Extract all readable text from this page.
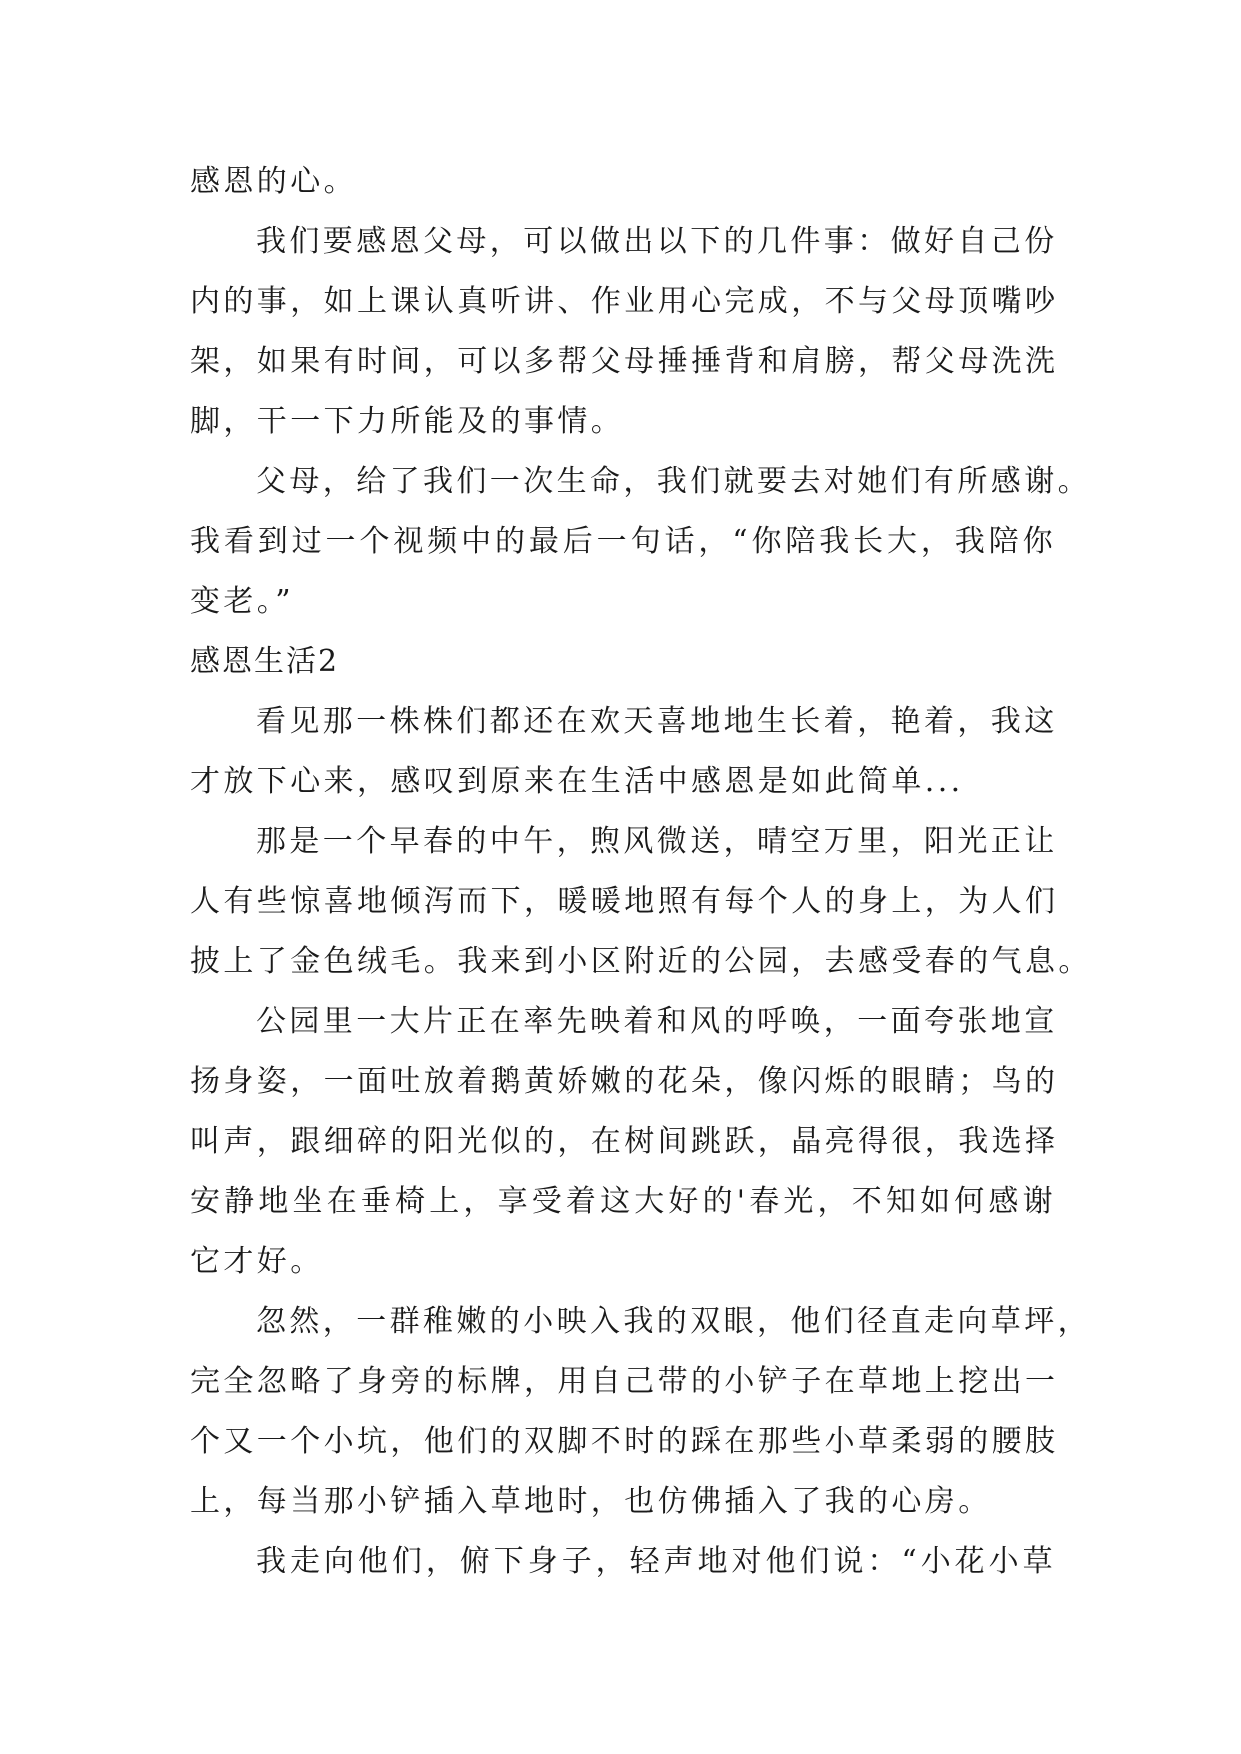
感恩的心。
我们要感恩父母，可以做出以下的几件事：做好自己份
内的事，如上课认真听讲、作业用心完成，不与父母顶嘴吵
架，如果有时间，可以多帮父母捶捶背和肩膀，帮父母洗洗
脚，干一下力所能及的事情。
父母，给了我们一次生命，我们就要去对她们有所感谢。
我看到过一个视频中的最后一句话，“你陪我长大，我陪你
变老。”
感恩生活2
看见那一株株们都还在欢天喜地地生长着，艳着，我这
才放下心来，感叹到原来在生活中感恩是如此简单...
那是一个早春的中午，煦风微送，晴空万里，阳光正让
人有些惊喜地倾泻而下，暖暖地照有每个人的身上，为人们
披上了金色绒毛。我来到小区附近的公园，去感受春的气息。
公园里一大片正在率先映着和风的呼唤，一面夸张地宣
扬身姿，一面吐放着鹅黄娇嫩的花朵，像闪烁的眼睛；鸟的
叫声，跟细碎的阳光似的，在树间跳跃，晶亮得很，我选择
安静地坐在垂椅上，享受着这大好的'春光，不知如何感谢
它才好。
忽然，一群稚嫩的小映入我的双眼，他们径直走向草坪，
完全忽略了身旁的标牌，用自己带的小铲子在草地上挖出一
个又一个小坑，他们的双脚不时的踩在那些小草柔弱的腰肢
上，每当那小铲插入草地时，也仿佛插入了我的心房。
我走向他们，俯下身子，轻声地对他们说：“小花小草
